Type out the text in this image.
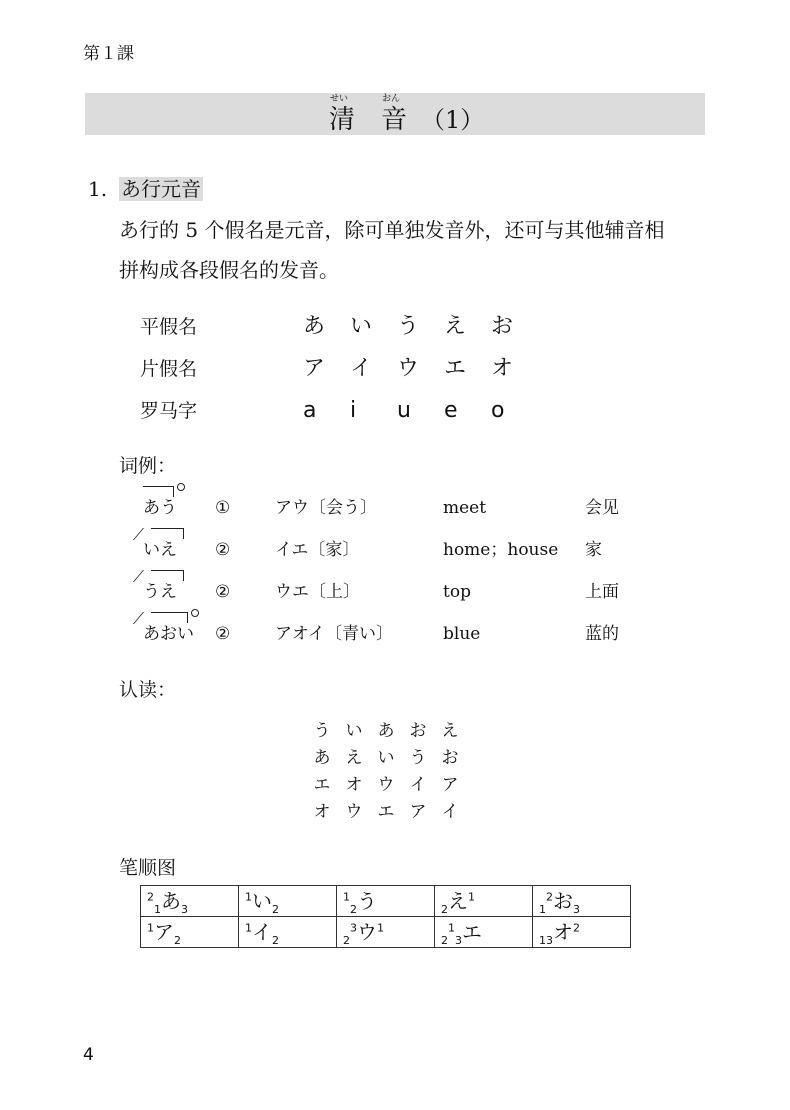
第１課
せい
清
おん
音 （1）
1. あ行元音
あ行的 5 个假名是元音，除可单独发音外，还可与其他辅音相
拼构成各段假名的发音。
平假名	あ い う え お
片假名	ア イ ウ エ オ
罗马字	a i u e o
词例：
あう ①	アウ〔会う〕	meet	会见
いえ ②	イエ〔家〕	home；house 家
うえ ②	ウエ〔上〕	top	上面
あおい ②	アオイ〔青い〕	blue	蓝的
认读：
う い あ お え
あ え い う お
エ オ ウ イ ア
オ ウ エ ア イ
笔顺图
$^2_1$あ$_3$	$^1$い$_2$	$^1_2$う	$_2$え$^1$	$_1^2$お$_3$
$^1$ア$_2$	$^1$イ$_2$	$_2^3$ウ$^1$	$_2^1_3$エ	$_{13}$オ$^2$
4
